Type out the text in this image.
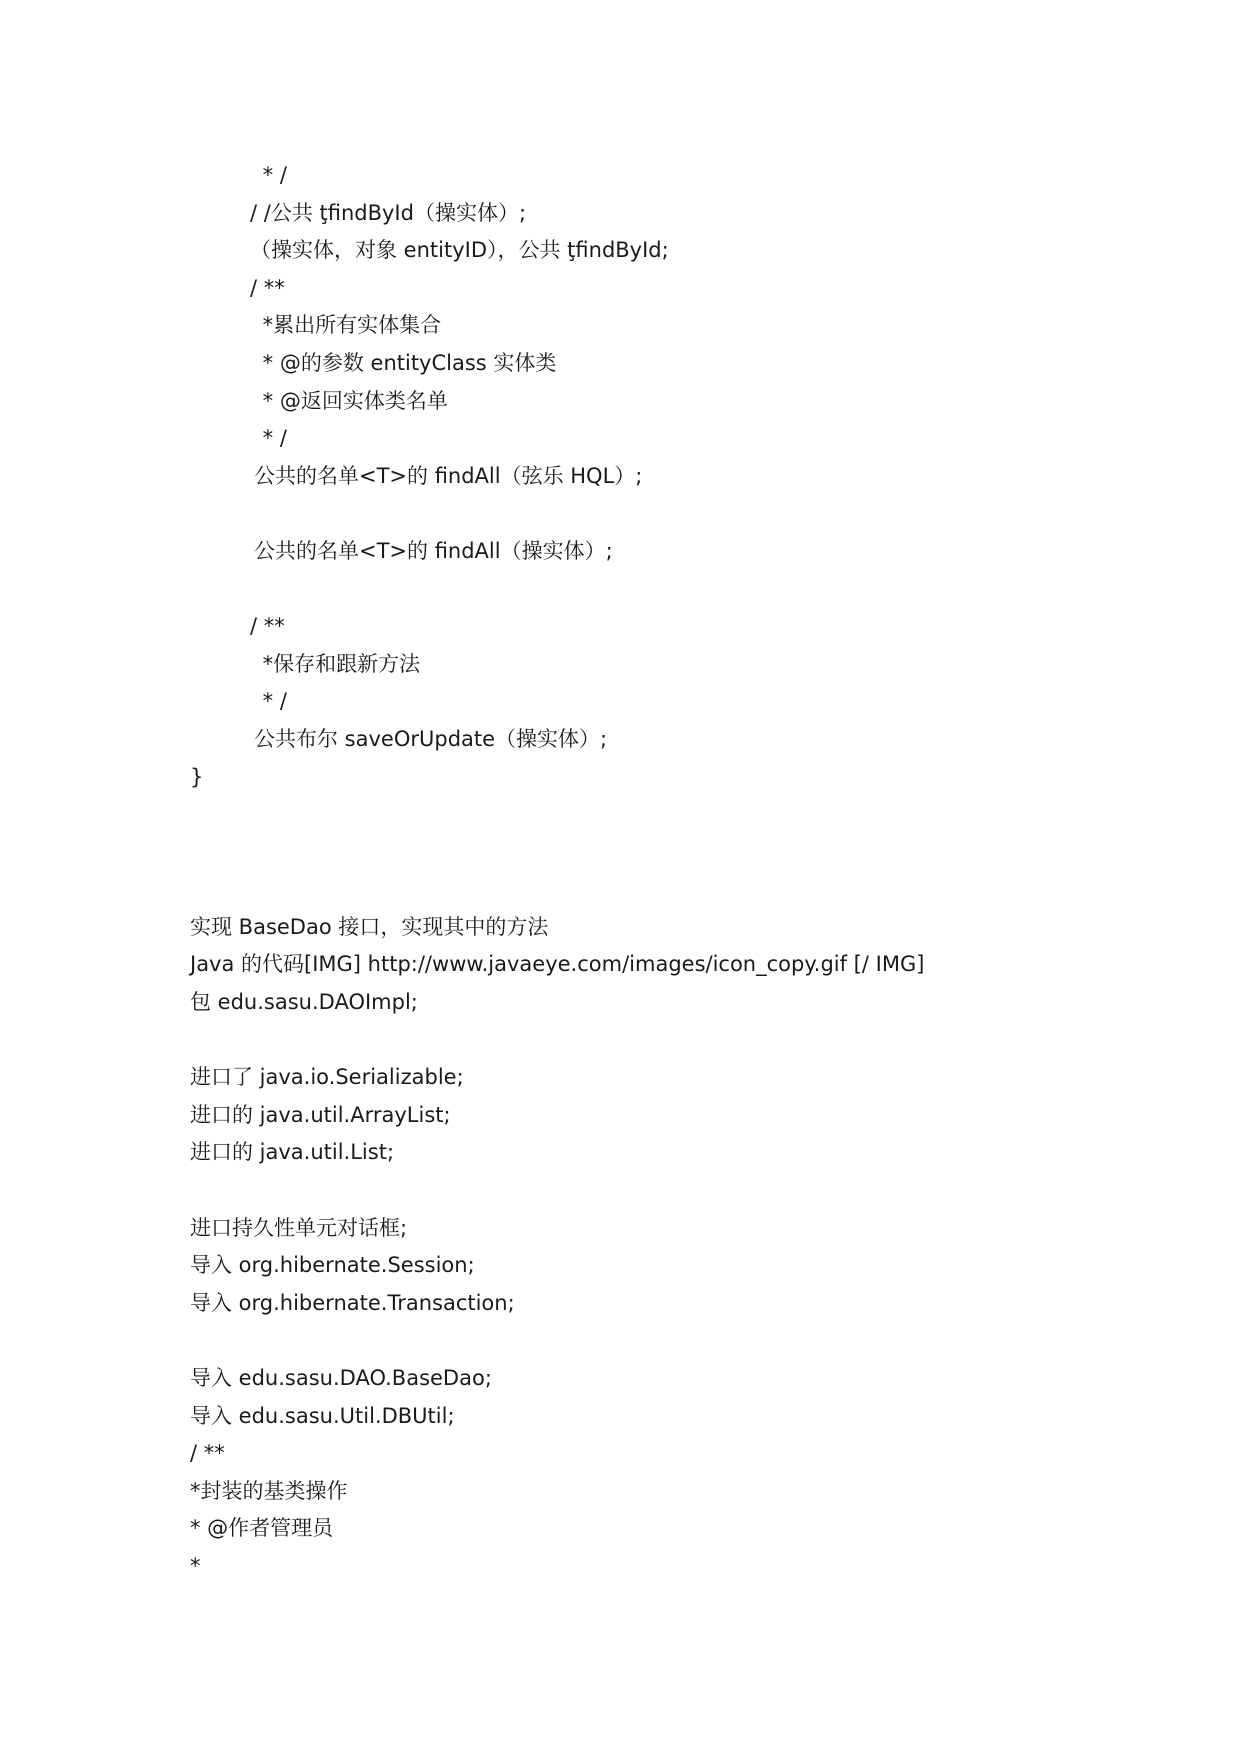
* /
/ /公共 ţfindById（操实体）;
（操实体，对象 entityID），公共 ţfindById;
/ **
*累出所有实体集合
* @的参数 entityClass 实体类
* @返回实体类名单
* /
公共的名单<T>的 findAll（弦乐 HQL）;
公共的名单<T>的 findAll（操实体）;
/ **
*保存和跟新方法
* /
公共布尔 saveOrUpdate（操实体）;
}
实现 BaseDao 接口，实现其中的方法
Java 的代码[IMG] http://www.javaeye.com/images/icon_copy.gif [/ IMG]
包 edu.sasu.DAOImpl;
进口了 java.io.Serializable;
进口的 java.util.ArrayList;
进口的 java.util.List;
进口持久性单元对话框;
导入 org.hibernate.Session;
导入 org.hibernate.Transaction;
导入 edu.sasu.DAO.BaseDao;
导入 edu.sasu.Util.DBUtil;
/ **
*封装的基类操作
* @作者管理员
*
